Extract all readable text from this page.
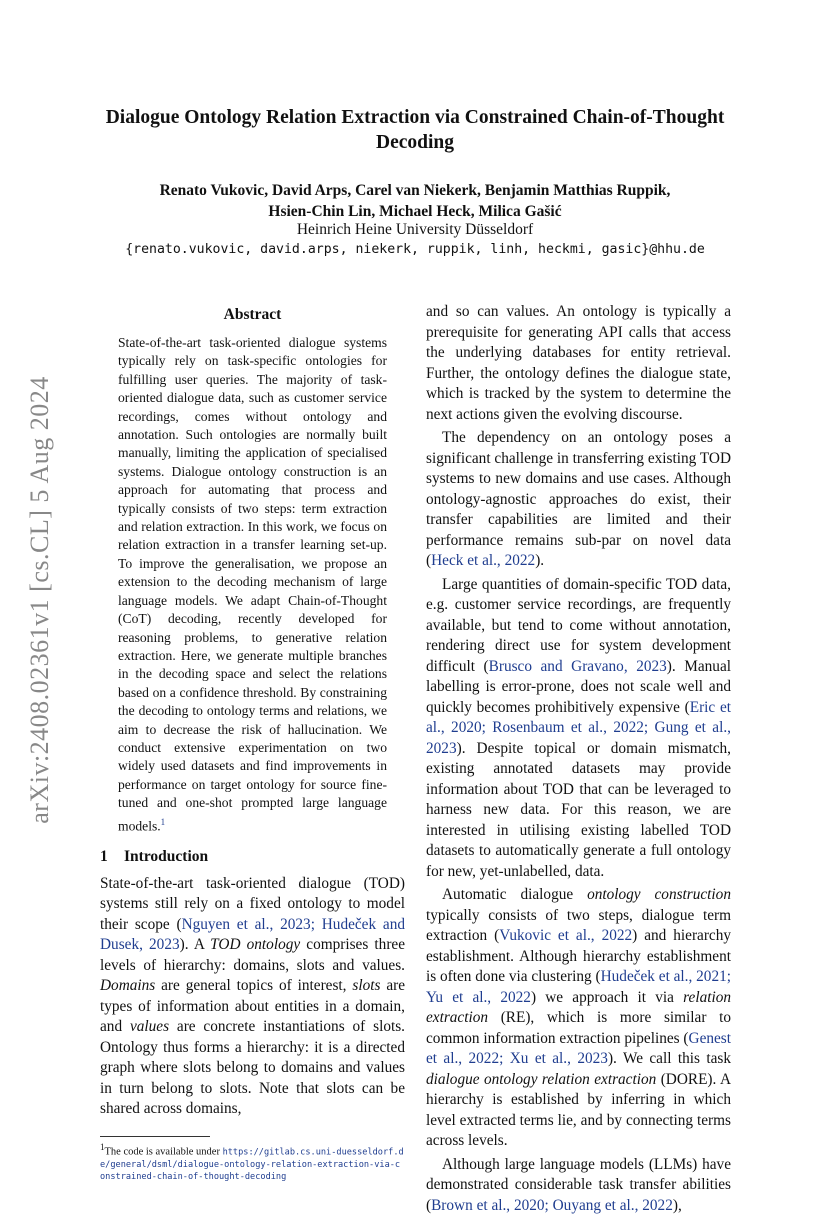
arXiv:2408.02361v1 [cs.CL] 5 Aug 2024
Dialogue Ontology Relation Extraction via Constrained Chain-of-Thought Decoding
Renato Vukovic, David Arps, Carel van Niekerk, Benjamin Matthias Ruppik,
Hsien-Chin Lin, Michael Heck, Milica Gašić
Heinrich Heine University Düsseldorf
{renato.vukovic, david.arps, niekerk, ruppik, linh, heckmi, gasic}@hhu.de
Abstract

State-of-the-art task-oriented dialogue systems typically rely on task-specific ontologies for fulfilling user queries. The majority of task-oriented dialogue data, such as customer service recordings, comes without ontology and annotation. Such ontologies are normally built manually, limiting the application of specialised systems. Dialogue ontology construction is an approach for automating that process and typically consists of two steps: term extraction and relation extraction. In this work, we focus on relation extraction in a transfer learning set-up. To improve the generalisation, we propose an extension to the decoding mechanism of large language models. We adapt Chain-of-Thought (CoT) decoding, recently developed for reasoning problems, to generative relation extraction. Here, we generate multiple branches in the decoding space and select the relations based on a confidence threshold. By constraining the decoding to ontology terms and relations, we aim to decrease the risk of hallucination. We conduct extensive experimentation on two widely used datasets and find improvements in performance on target ontology for source fine-tuned and one-shot prompted large language models.$^1$

1 Introduction

State-of-the-art task-oriented dialogue (TOD) systems still rely on a fixed ontology to model their scope (Nguyen et al., 2023; Hudeček and Dusek, 2023). A TOD ontology comprises three levels of hierarchy: domains, slots and values. Domains are general topics of interest, slots are types of information about entities in a domain, and values are concrete instantiations of slots. Ontology thus forms a hierarchy: it is a directed graph where slots belong to domains and values in turn belong to slots. Note that slots can be shared across domains,

$^1$The code is available under https://gitlab.cs.uni-duesseldorf.de/general/dsml/dialogue-ontology-relation-extraction-via-constrained-chain-of-thought-decoding

and so can values. An ontology is typically a prerequisite for generating API calls that access the underlying databases for entity retrieval. Further, the ontology defines the dialogue state, which is tracked by the system to determine the next actions given the evolving discourse.

The dependency on an ontology poses a significant challenge in transferring existing TOD systems to new domains and use cases. Although ontology-agnostic approaches do exist, their transfer capabilities are limited and their performance remains sub-par on novel data (Heck et al., 2022).

Large quantities of domain-specific TOD data, e.g. customer service recordings, are frequently available, but tend to come without annotation, rendering direct use for system development difficult (Brusco and Gravano, 2023). Manual labelling is error-prone, does not scale well and quickly becomes prohibitively expensive (Eric et al., 2020; Rosenbaum et al., 2022; Gung et al., 2023). Despite topical or domain mismatch, existing annotated datasets may provide information about TOD that can be leveraged to harness new data. For this reason, we are interested in utilising existing labelled TOD datasets to automatically generate a full ontology for new, yet-unlabelled, data.

Automatic dialogue ontology construction typically consists of two steps, dialogue term extraction (Vukovic et al., 2022) and hierarchy establishment. Although hierarchy establishment is often done via clustering (Hudeček et al., 2021; Yu et al., 2022) we approach it via relation extraction (RE), which is more similar to common information extraction pipelines (Genest et al., 2022; Xu et al., 2023). We call this task dialogue ontology relation extraction (DORE). A hierarchy is established by inferring in which level extracted terms lie, and by connecting terms across levels.

Although large language models (LLMs) have demonstrated considerable task transfer abilities (Brown et al., 2020; Ouyang et al., 2022),
